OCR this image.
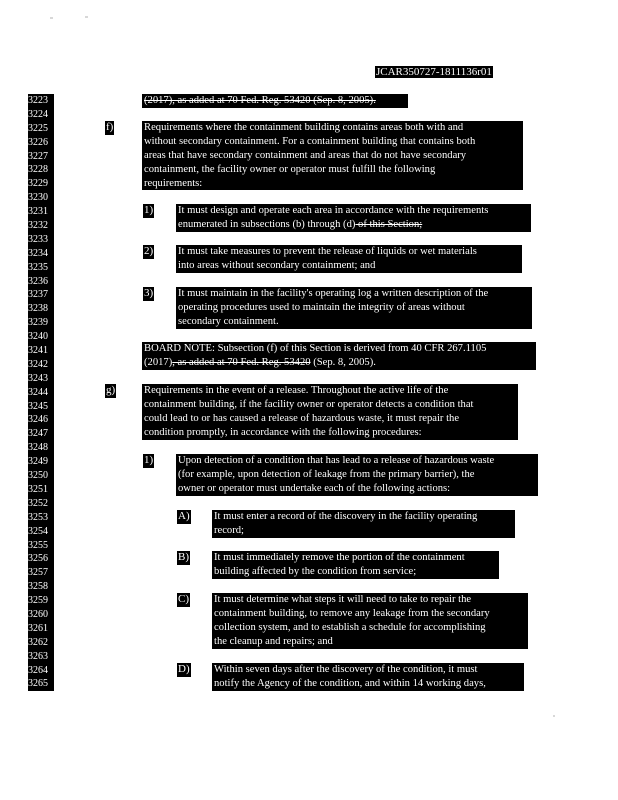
JCAR350727-1811136r01
3223
3224
3225
3226
3227
3228
3229
3230
3231
3232
3233
3234
3235
3236
3237
3238
3239
3240
3241
3242
3243
3244
3245
3246
3247
3248
3249
3250
3251
3252
3253
3254
3255
3256
3257
3258
3259
3260
3261
3262
3263
3264
3265
(2017), as added at 70 Fed. Reg. 53420 (Sep. 8, 2005).
f)	Requirements where the containment building contains areas both with and
without secondary containment. For a containment building that contains both
areas that have secondary containment and areas that do not have secondary
containment, the facility owner or operator must fulfill the following
requirements:
1) It must design and operate each area in accordance with the requirements
enumerated in subsections (b) through (d) of this Section;
2) It must take measures to prevent the release of liquids or wet materials
into areas without secondary containment; and
3) It must maintain in the facility's operating log a written description of the
operating procedures used to maintain the integrity of areas without
secondary containment.
BOARD NOTE: Subsection (f) of this Section is derived from 40 CFR 267.1105
(2017), as added at 70 Fed. Reg. 53420 (Sep. 8, 2005).
g)	Requirements in the event of a release. Throughout the active life of the
containment building, if the facility owner or operator detects a condition that
could lead to or has caused a release of hazardous waste, it must repair the
condition promptly, in accordance with the following procedures:
1) Upon detection of a condition that has lead to a release of hazardous waste
(for example, upon detection of leakage from the primary barrier), the
owner or operator must undertake each of the following actions:
A) It must enter a record of the discovery in the facility operating
record;
B) It must immediately remove the portion of the containment
building affected by the condition from service;
C) It must determine what steps it will need to take to repair the
containment building, to remove any leakage from the secondary
collection system, and to establish a schedule for accomplishing
the cleanup and repairs; and
D) Within seven days after the discovery of the condition, it must
notify the Agency of the condition, and within 14 working days,
